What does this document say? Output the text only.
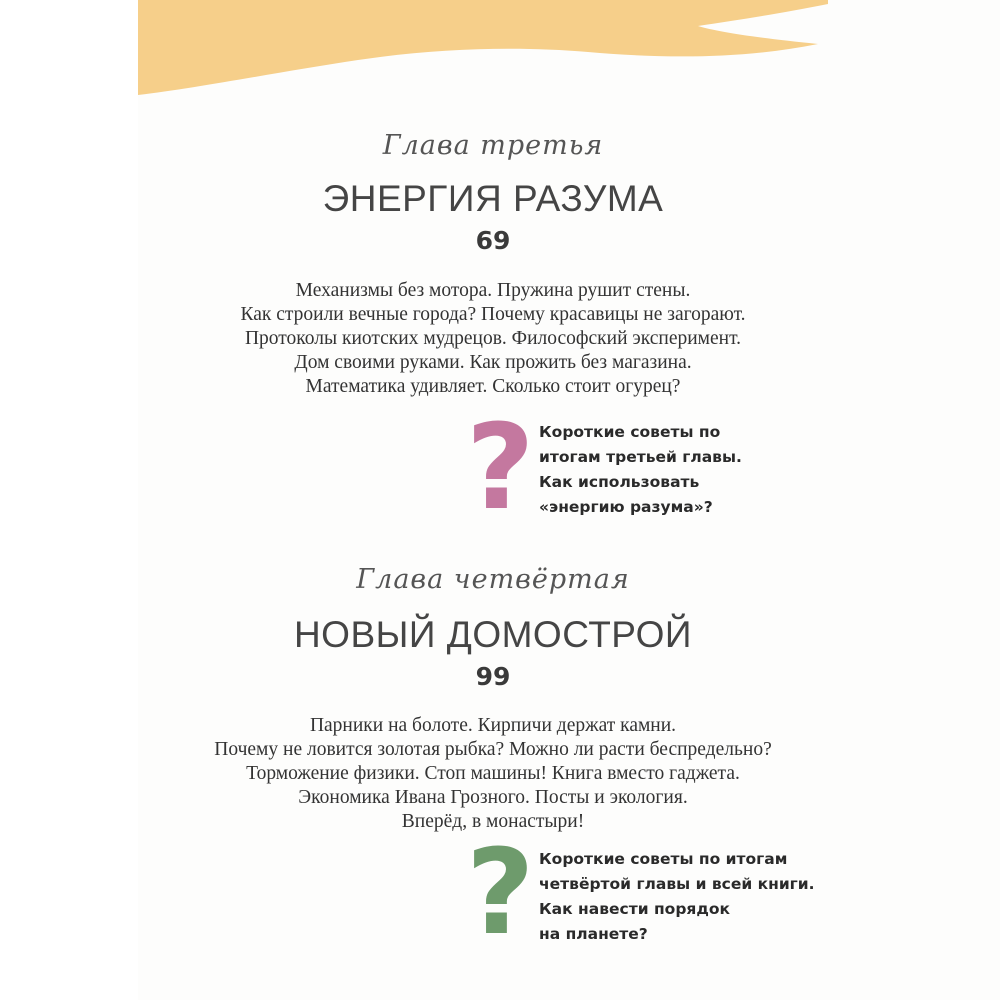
Глава третья
ЭНЕРГИЯ РАЗУМА
69
Механизмы без мотора. Пружина рушит стены.
Как строили вечные города? Почему красавицы не загорают.
Протоколы киотских мудрецов. Философский эксперимент.
Дом своими руками. Как прожить без магазина.
Математика удивляет. Сколько стоит огурец?
? Короткие советы по
итогам третьей главы.
Как использовать
«энергию разума»?
Глава четвёртая
НОВЫЙ ДОМОСТРОЙ
99
Парники на болоте. Кирпичи держат камни.
Почему не ловится золотая рыбка? Можно ли расти беспредельно?
Торможение физики. Стоп машины! Книга вместо гаджета.
Экономика Ивана Грозного. Посты и экология.
Вперёд, в монастыри!
? Короткие советы по итогам
четвёртой главы и всей книги.
Как навести порядок
на планете?
